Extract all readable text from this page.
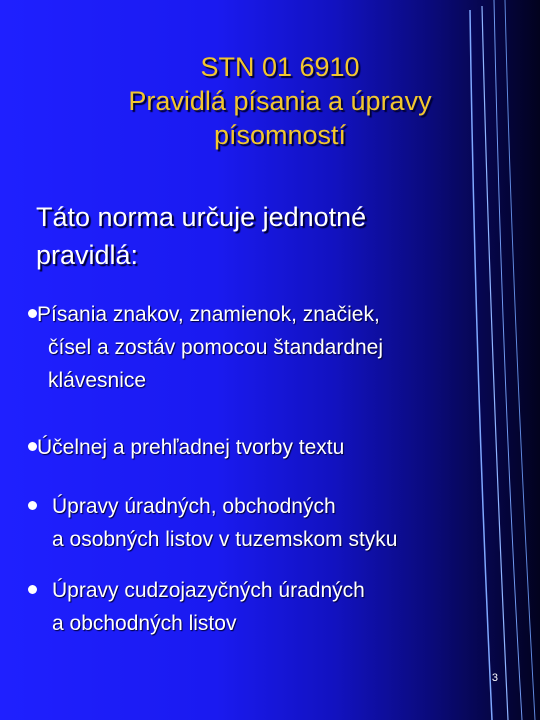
STN 01 6910
Pravidlá písania a úpravy
písomností
Táto norma určuje jednotné
pravidlá:
Písania znakov, znamienok, značiek,
čísel a zostáv pomocou štandardnej
klávesnice
Účelnej a prehľadnej tvorby textu
Úpravy úradných, obchodných
a osobných listov v tuzemskom styku
Úpravy cudzojazyčných úradných
a obchodných listov
3
